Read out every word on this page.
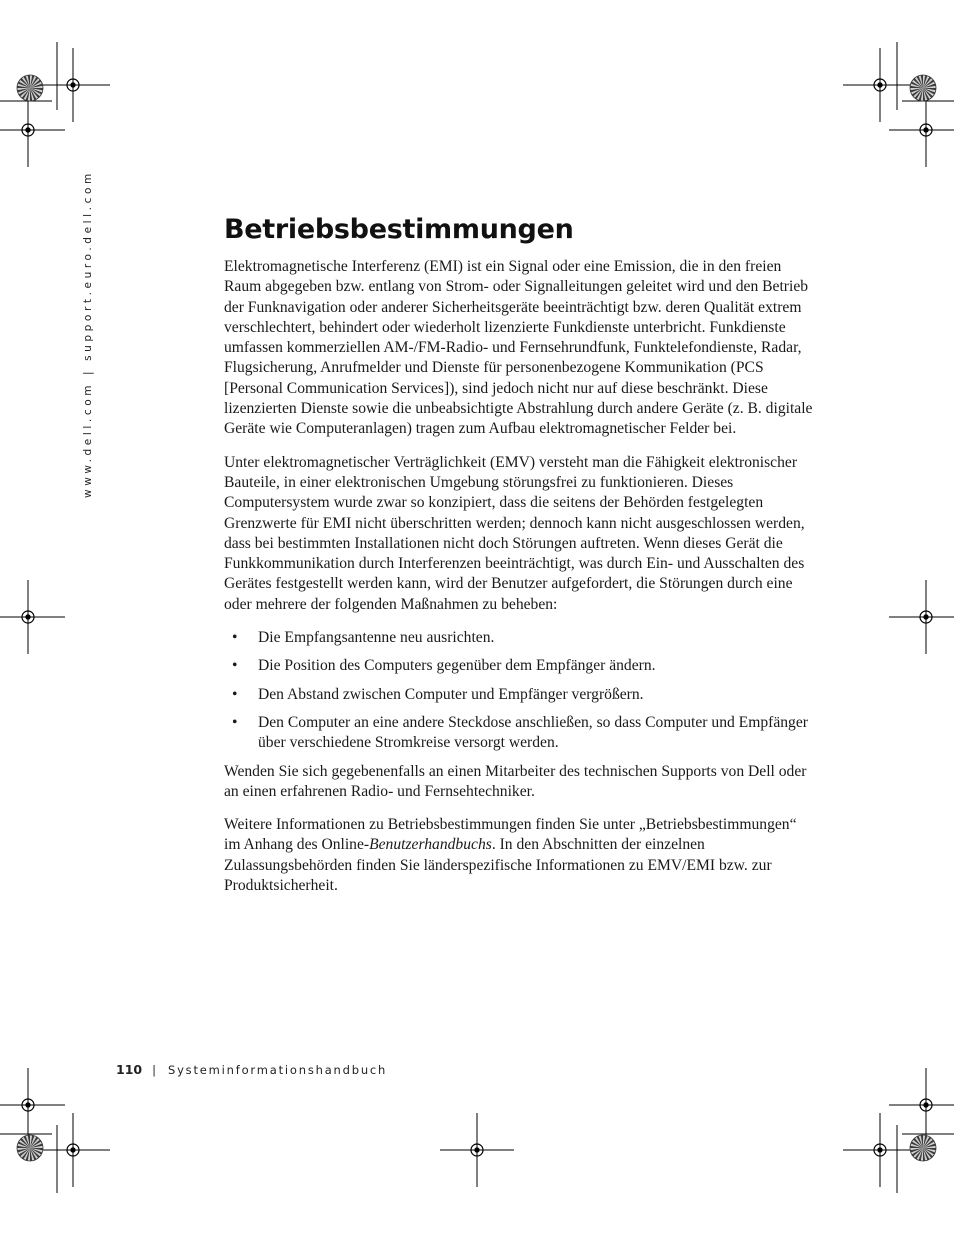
www.dell.com | support.euro.dell.com	Betriebsbestimmungen

Elektromagnetische Interferenz (EMI) ist ein Signal oder eine Emission, die in den freien Raum abgegeben bzw. entlang von Strom- oder Signalleitungen geleitet wird und den Betrieb der Funknavigation oder anderer Sicherheitsgeräte beeinträchtigt bzw. deren Qualität extrem verschlechtert, behindert oder wiederholt lizenzierte Funkdienste unterbricht. Funkdienste umfassen kommerziellen AM-/FM-Radio- und Fernsehrundfunk, Funktelefondienste, Radar, Flugsicherung, Anrufmelder und Dienste für personenbezogene Kommunikation (PCS [Personal Communication Services]), sind jedoch nicht nur auf diese beschränkt. Diese lizenzierten Dienste sowie die unbeabsichtigte Abstrahlung durch andere Geräte (z. B. digitale Geräte wie Computeranlagen) tragen zum Aufbau elektromagnetischer Felder bei.

Unter elektromagnetischer Verträglichkeit (EMV) versteht man die Fähigkeit elektronischer Bauteile, in einer elektronischen Umgebung störungsfrei zu funktionieren. Dieses Computersystem wurde zwar so konzipiert, dass die seitens der Behörden festgelegten Grenzwerte für EMI nicht überschritten werden; dennoch kann nicht ausgeschlossen werden, dass bei bestimmten Installationen nicht doch Störungen auftreten. Wenn dieses Gerät die Funkkommunikation durch Interferenzen beeinträchtigt, was durch Ein- und Ausschalten des Gerätes festgestellt werden kann, wird der Benutzer aufgefordert, die Störungen durch eine oder mehrere der folgenden Maßnahmen zu beheben:

• Die Empfangsantenne neu ausrichten.
• Die Position des Computers gegenüber dem Empfänger ändern.
• Den Abstand zwischen Computer und Empfänger vergrößern.
• Den Computer an eine andere Steckdose anschließen, so dass Computer und Empfänger über verschiedene Stromkreise versorgt werden.

Wenden Sie sich gegebenenfalls an einen Mitarbeiter des technischen Supports von Dell oder an einen erfahrenen Radio- und Fernsehtechniker.

Weitere Informationen zu Betriebsbestimmungen finden Sie unter „Betriebsbestimmungen“ im Anhang des Online-Benutzerhandbuchs. In den Abschnitten der einzelnen Zulassungsbehörden finden Sie länderspezifische Informationen zu EMV/EMI bzw. zur Produktsicherheit.

110 | Systeminformationshandbuch
